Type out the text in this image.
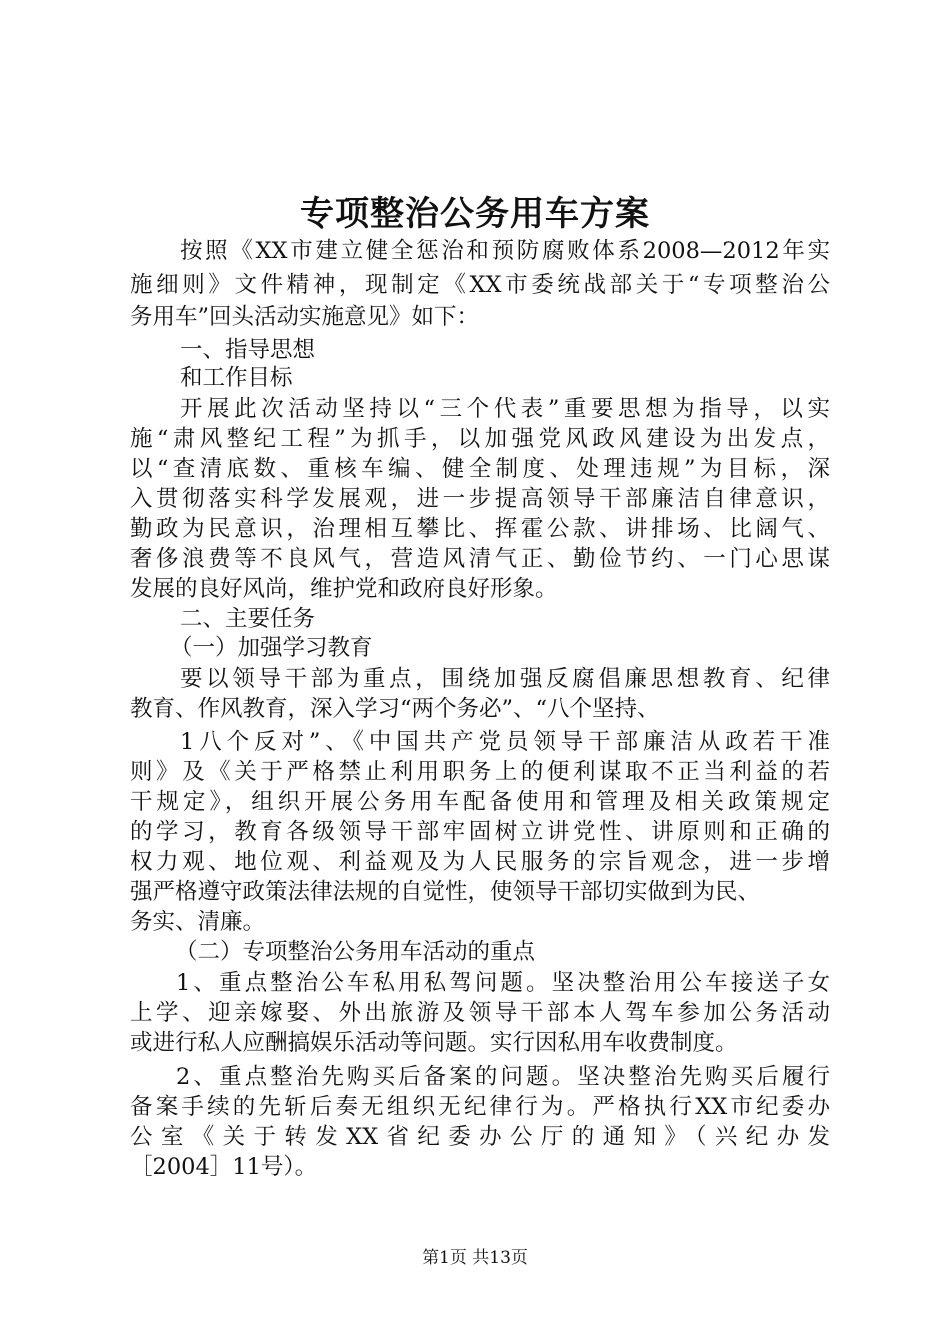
专项整治公务用车方案
按照《XX市建立健全惩治和预防腐败体系2008—2012年实
施细则》文件精神，现制定《XX市委统战部关于“专项整治公
务用车”回头活动实施意见》如下：
一、指导思想
和工作目标
开展此次活动坚持以“三个代表”重要思想为指导，以实
施“肃风整纪工程”为抓手，以加强党风政风建设为出发点，
以“查清底数、重核车编、健全制度、处理违规”为目标，深
入贯彻落实科学发展观，进一步提高领导干部廉洁自律意识，
勤政为民意识，治理相互攀比、挥霍公款、讲排场、比阔气、
奢侈浪费等不良风气，营造风清气正、勤俭节约、一门心思谋
发展的良好风尚，维护党和政府良好形象。
二、主要任务
（一）加强学习教育
要以领导干部为重点，围绕加强反腐倡廉思想教育、纪律
教育、作风教育，深入学习“两个务必”、“八个坚持、
1八个反对”、《中国共产党员领导干部廉洁从政若干准
则》及《关于严格禁止利用职务上的便利谋取不正当利益的若
干规定》，组织开展公务用车配备使用和管理及相关政策规定
的学习，教育各级领导干部牢固树立讲党性、讲原则和正确的
权力观、地位观、利益观及为人民服务的宗旨观念，进一步增
强严格遵守政策法律法规的自觉性，使领导干部切实做到为民、
务实、清廉。
（二）专项整治公务用车活动的重点
1、重点整治公车私用私驾问题。坚决整治用公车接送子女
上学、迎亲嫁娶、外出旅游及领导干部本人驾车参加公务活动
或进行私人应酬搞娱乐活动等问题。实行因私用车收费制度。
2、重点整治先购买后备案的问题。坚决整治先购买后履行
备案手续的先斩后奏无组织无纪律行为。严格执行XX市纪委办
公室《关于转发XX省纪委办公厅的通知》（兴纪办发
［2004］11号）。
第1页 共13页
